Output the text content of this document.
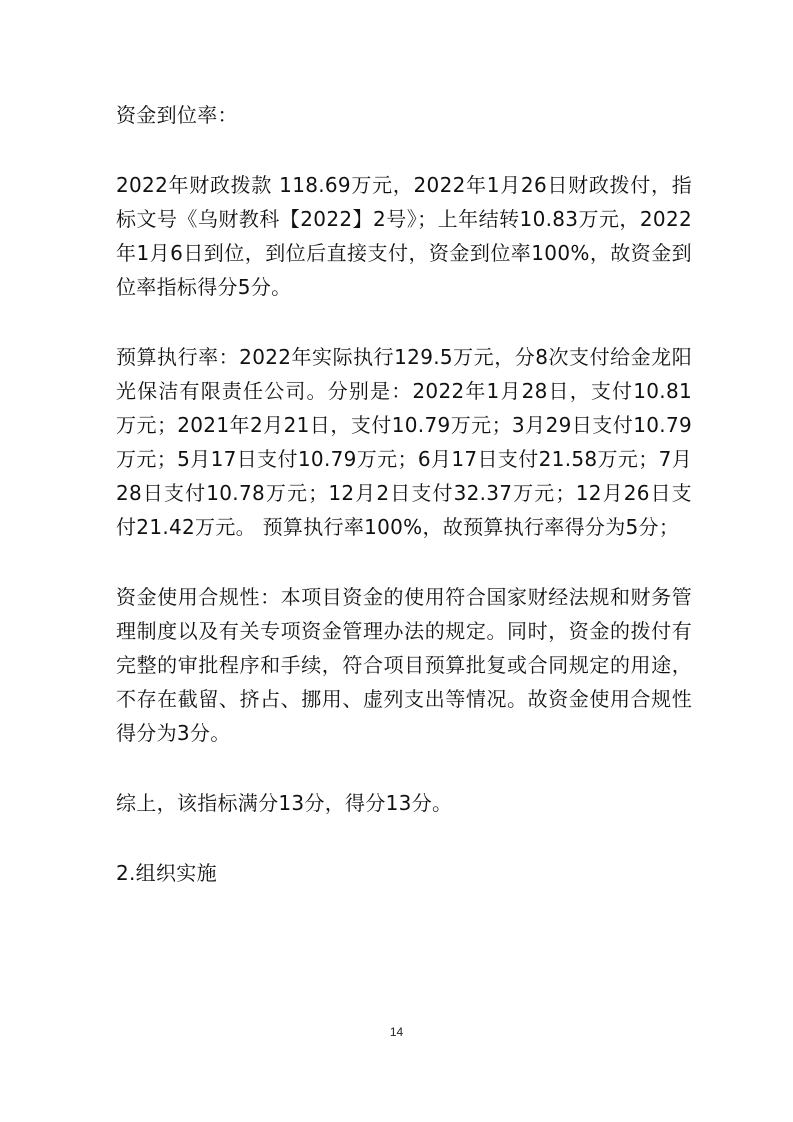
资金到位率：

2022年财政拨款 118.69万元，2022年1月26日财政拨付，指标文号《乌财教科【2022】2号》；上年结转10.83万元，2022年1月6日到位，到位后直接支付，资金到位率100%，故资金到位率指标得分5分。

预算执行率：2022年实际执行129.5万元，分8次支付给金龙阳光保洁有限责任公司。分别是：2022年1月28日，支付10.81万元；2021年2月21日，支付10.79万元；3月29日支付10.79万元；5月17日支付10.79万元；6月17日支付21.58万元；7月28日支付10.78万元；12月2日支付32.37万元；12月26日支付21.42万元。 预算执行率100%，故预算执行率得分为5分；

资金使用合规性：本项目资金的使用符合国家财经法规和财务管理制度以及有关专项资金管理办法的规定。同时，资金的拨付有完整的审批程序和手续，符合项目预算批复或合同规定的用途，不存在截留、挤占、挪用、虚列支出等情况。故资金使用合规性得分为3分。

综上，该指标满分13分，得分13分。

2.组织实施

14
